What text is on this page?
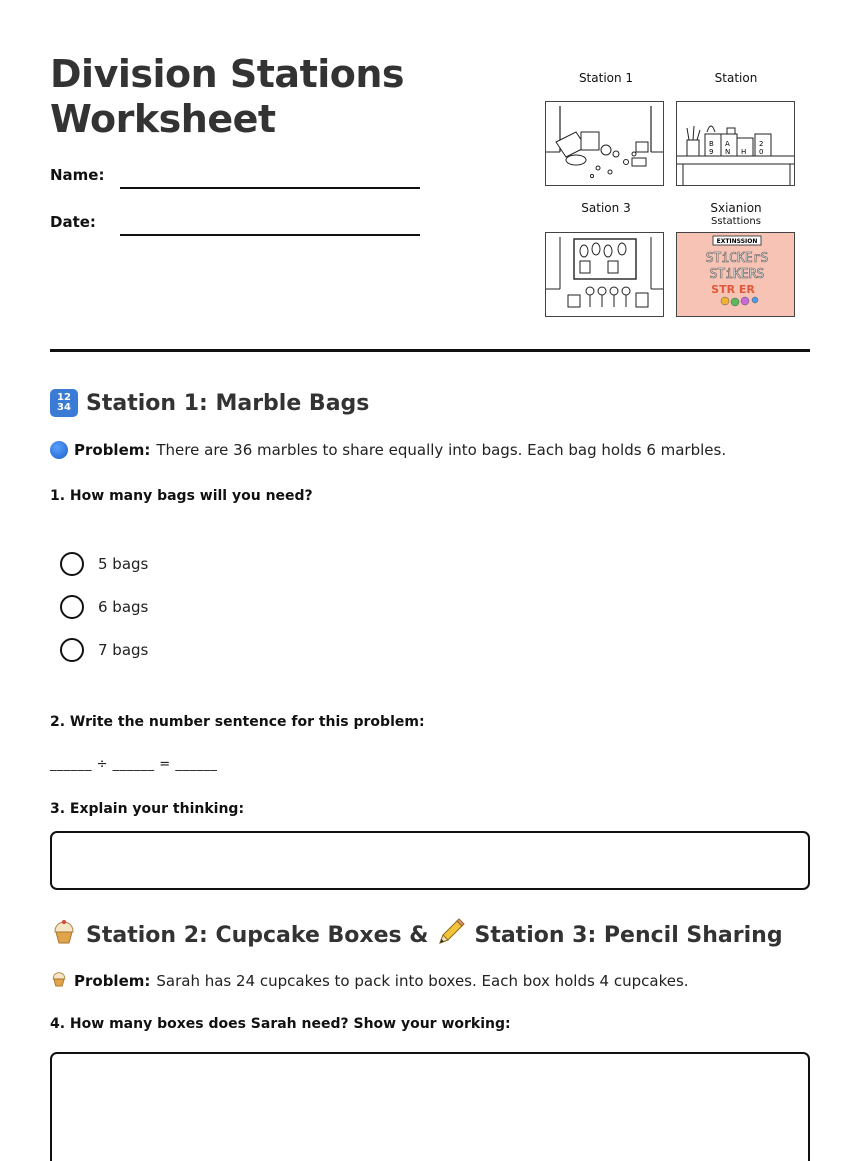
Division Stations
Worksheet
Name:
Date:
Station 1	Station
B
9
A
N H
2
0
Sation 3	Sxianion
Sstattions
EXTINSSION
STiCKErS
STiKERS
STR ER
12
34 Station 1: Marble Bags
Problem: There are 36 marbles to share equally into bags. Each bag holds 6 marbles.
1. How many bags will you need?
5 bags
6 bags
7 bags
2. Write the number sentence for this problem:
______ ÷ ______ = ______
3. Explain your thinking:
Station 2: Cupcake Boxes & Station 3: Pencil Sharing
Problem: Sarah has 24 cupcakes to pack into boxes. Each box holds 4 cupcakes.
4. How many boxes does Sarah need? Show your working:
